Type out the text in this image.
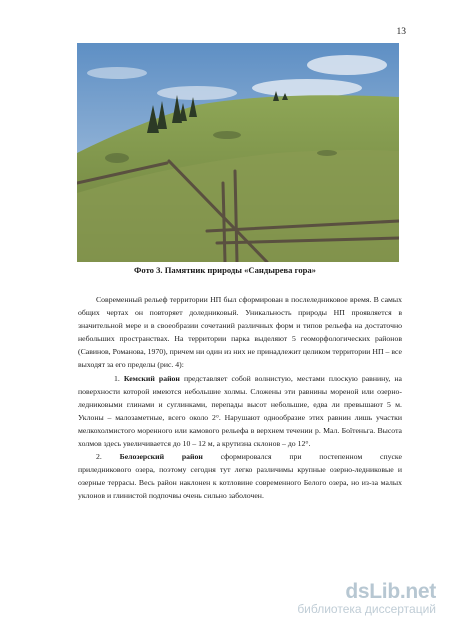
13
Фото 3. Памятник природы «Сандырева гора»

Современный рельеф территории НП был сформирован в послеледниковое время. В самых общих чертах он повторяет доледниковый. Уникальность природы НП проявляется в значительной мере и в своеобразии сочетаний различных форм и типов рельефа на достаточно небольших пространствах. На территории парка выделяют 5 геоморфологических районов (Савинов, Романова, 1970), причем ни один из них не принадлежит целиком территории НП – все выходят за его пределы (рис. 4):

1. Кемский район представляет собой волнистую, местами плоскую равнину, на поверхности которой имеются небольшие холмы. Сложены эти равнины мореной или озерно-ледниковыми глинами и суглинками, перепады высот небольшие, едва ли превышают 5 м. Уклоны – малозаметные, всего около 2°. Нарушают однообразие этих равнин лишь участки мелкохолмистого моренного или камового рельефа в верхнем течении р. Мал. Боїтеньга. Высота холмов здесь увеличивается до 10 – 12 м, а крутизна склонов – до 12°.

2. Белозерский район сформировался при постепенном спуске
приледникового озера, поэтому сегодня тут легко различимы крупные озерно-ледниковые и озерные террасы. Весь район наклонен к котловине современного Белого озера, но из-за малых уклонов и глинистой подпочвы очень сильно заболочен.

dsLib.net
библиотека диссертаций
